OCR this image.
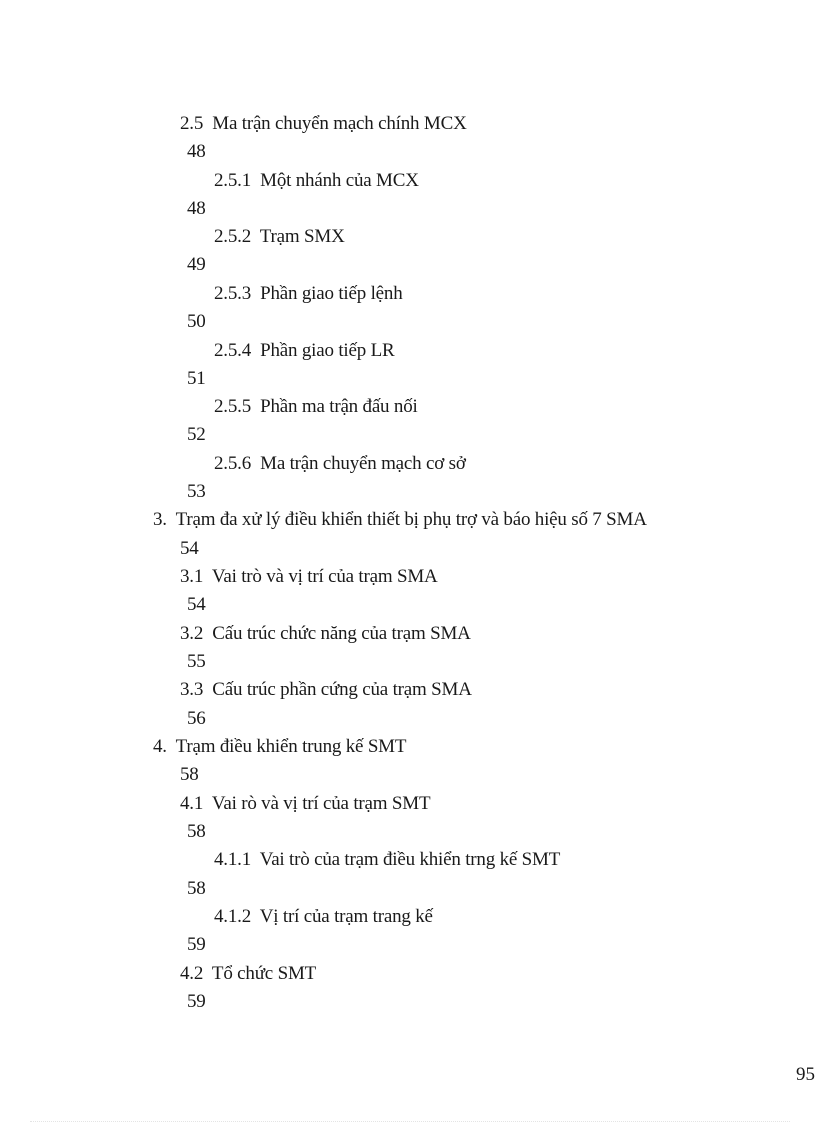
2.5 Ma trận chuyển mạch chính MCX
48
2.5.1 Một nhánh của MCX
48
2.5.2 Trạm SMX
49
2.5.3 Phần giao tiếp lệnh
50
2.5.4 Phần giao tiếp LR
51
2.5.5 Phần ma trận đấu nối
52
2.5.6 Ma trận chuyển mạch cơ sở
53
3. Trạm đa xử lý điều khiển thiết bị phụ trợ và báo hiệu số 7 SMA
54
3.1 Vai trò và vị trí của trạm SMA
54
3.2 Cấu trúc chức năng của trạm SMA
55
3.3 Cấu trúc phần cứng của trạm SMA
56
4. Trạm điều khiển trung kế SMT
58
4.1 Vai rò và vị trí của trạm SMT
58
4.1.1 Vai trò của trạm điều khiển trng kế SMT
58
4.1.2 Vị trí của trạm trang kế
59
4.2 Tổ chức SMT
59
95
